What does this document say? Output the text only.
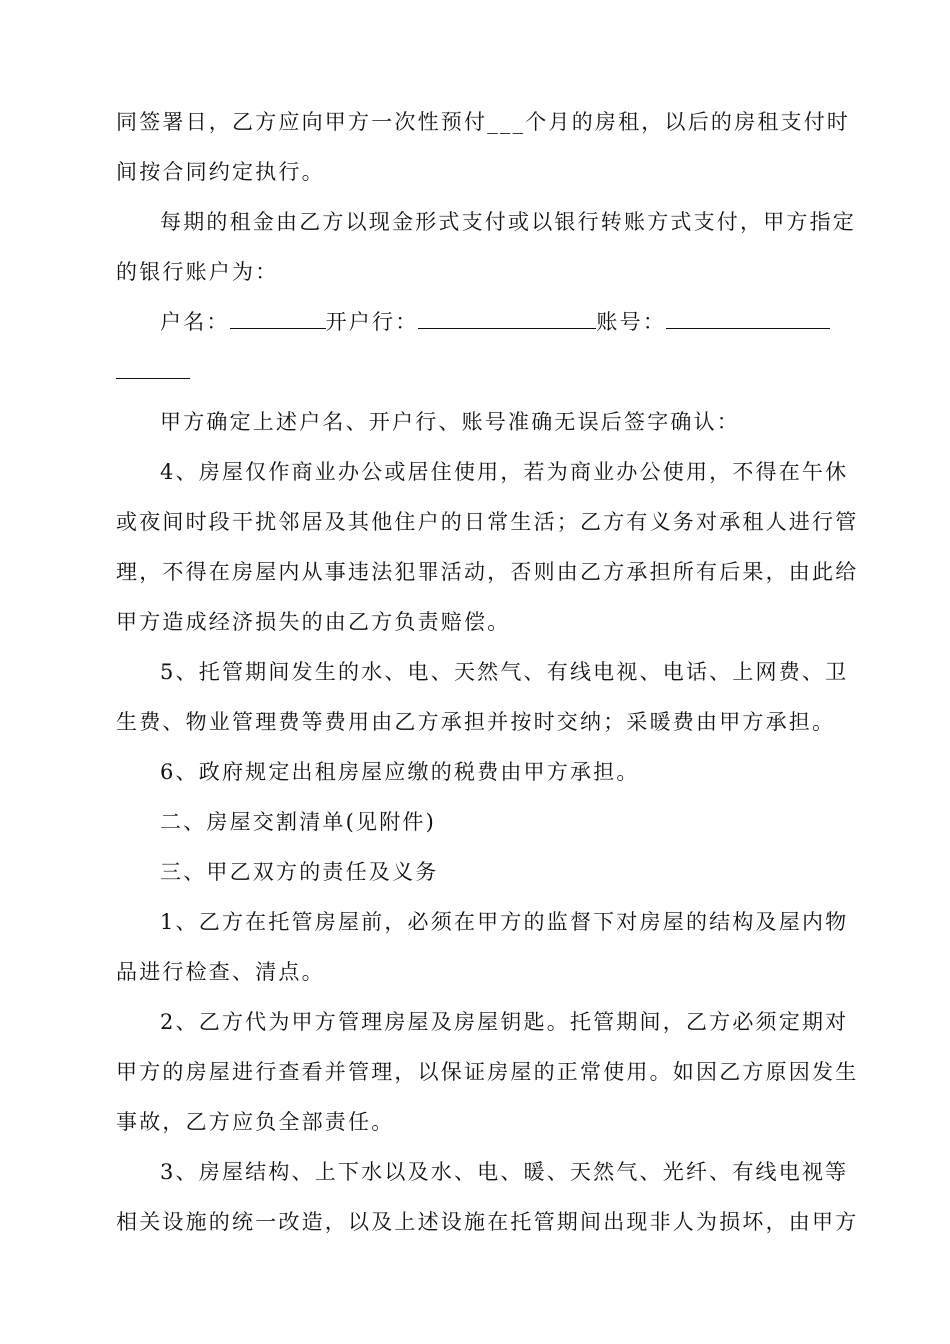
同签署日，乙方应向甲方一次性预付___个月的房租，以后的房租支付时
间按合同约定执行。
每期的租金由乙方以现金形式支付或以银行转账方式支付，甲方指定
的银行账户为：
户名：	开户行：	账号：
甲方确定上述户名、开户行、账号准确无误后签字确认：
4、房屋仅作商业办公或居住使用，若为商业办公使用，不得在午休
或夜间时段干扰邻居及其他住户的日常生活；乙方有义务对承租人进行管
理，不得在房屋内从事违法犯罪活动，否则由乙方承担所有后果，由此给
甲方造成经济损失的由乙方负责赔偿。
5、托管期间发生的水、电、天然气、有线电视、电话、上网费、卫
生费、物业管理费等费用由乙方承担并按时交纳；采暖费由甲方承担。
6、政府规定出租房屋应缴的税费由甲方承担。
二、房屋交割清单(见附件)
三、甲乙双方的责任及义务
1、乙方在托管房屋前，必须在甲方的监督下对房屋的结构及屋内物
品进行检查、清点。
2、乙方代为甲方管理房屋及房屋钥匙。托管期间，乙方必须定期对
甲方的房屋进行查看并管理，以保证房屋的正常使用。如因乙方原因发生
事故，乙方应负全部责任。
3、房屋结构、上下水以及水、电、暖、天然气、光纤、有线电视等
相关设施的统一改造，以及上述设施在托管期间出现非人为损坏，由甲方
